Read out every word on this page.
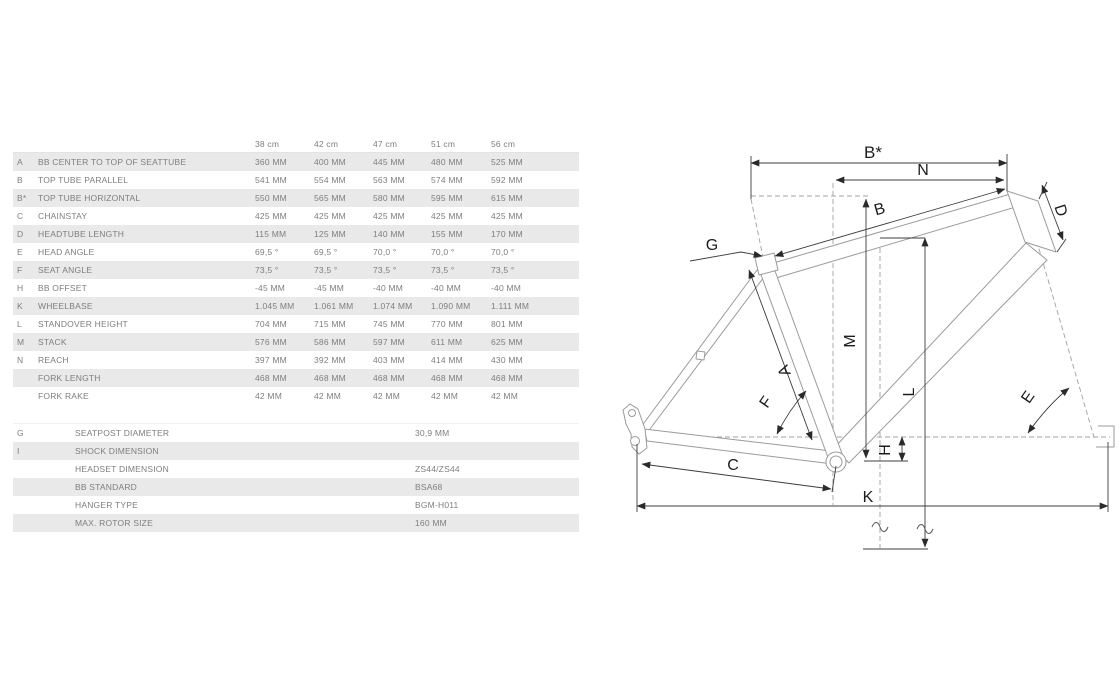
		38 cm	42 cm	47 cm	51 cm	56 cm
A	BB CENTER TO TOP OF SEATTUBE	360 MM	400 MM	445 MM	480 MM	525 MM
B	TOP TUBE PARALLEL	541 MM	554 MM	563 MM	574 MM	592 MM
B*	TOP TUBE HORIZONTAL	550 MM	565 MM	580 MM	595 MM	615 MM
C	CHAINSTAY	425 MM	425 MM	425 MM	425 MM	425 MM
D	HEADTUBE LENGTH	115 MM	125 MM	140 MM	155 MM	170 MM
E	HEAD ANGLE	69,5 °	69,5 °	70,0 °	70,0 °	70,0 °
F	SEAT ANGLE	73,5 °	73,5 °	73,5 °	73,5 °	73,5 °
H	BB OFFSET	-45 MM	-45 MM	-40 MM	-40 MM	-40 MM
K	WHEELBASE	1.045 MM	1.061 MM	1.074 MM	1.090 MM	1.111 MM
L	STANDOVER HEIGHT	704 MM	715 MM	745 MM	770 MM	801 MM
M	STACK	576 MM	586 MM	597 MM	611 MM	625 MM
N	REACH	397 MM	392 MM	403 MM	414 MM	430 MM
	FORK LENGTH	468 MM	468 MM	468 MM	468 MM	468 MM
	FORK RAKE	42 MM	42 MM	42 MM	42 MM	42 MM
G	SEATPOST DIAMETER	30,9 MM
I	SHOCK DIMENSION	
	HEADSET DIMENSION	ZS44/ZS44
	BB STANDARD	BSA68
	HANGER TYPE	BGM-H011
	MAX. ROTOR SIZE	160 MM
B*
N
B	D
G
M
A
F
L	E
H
C
K
